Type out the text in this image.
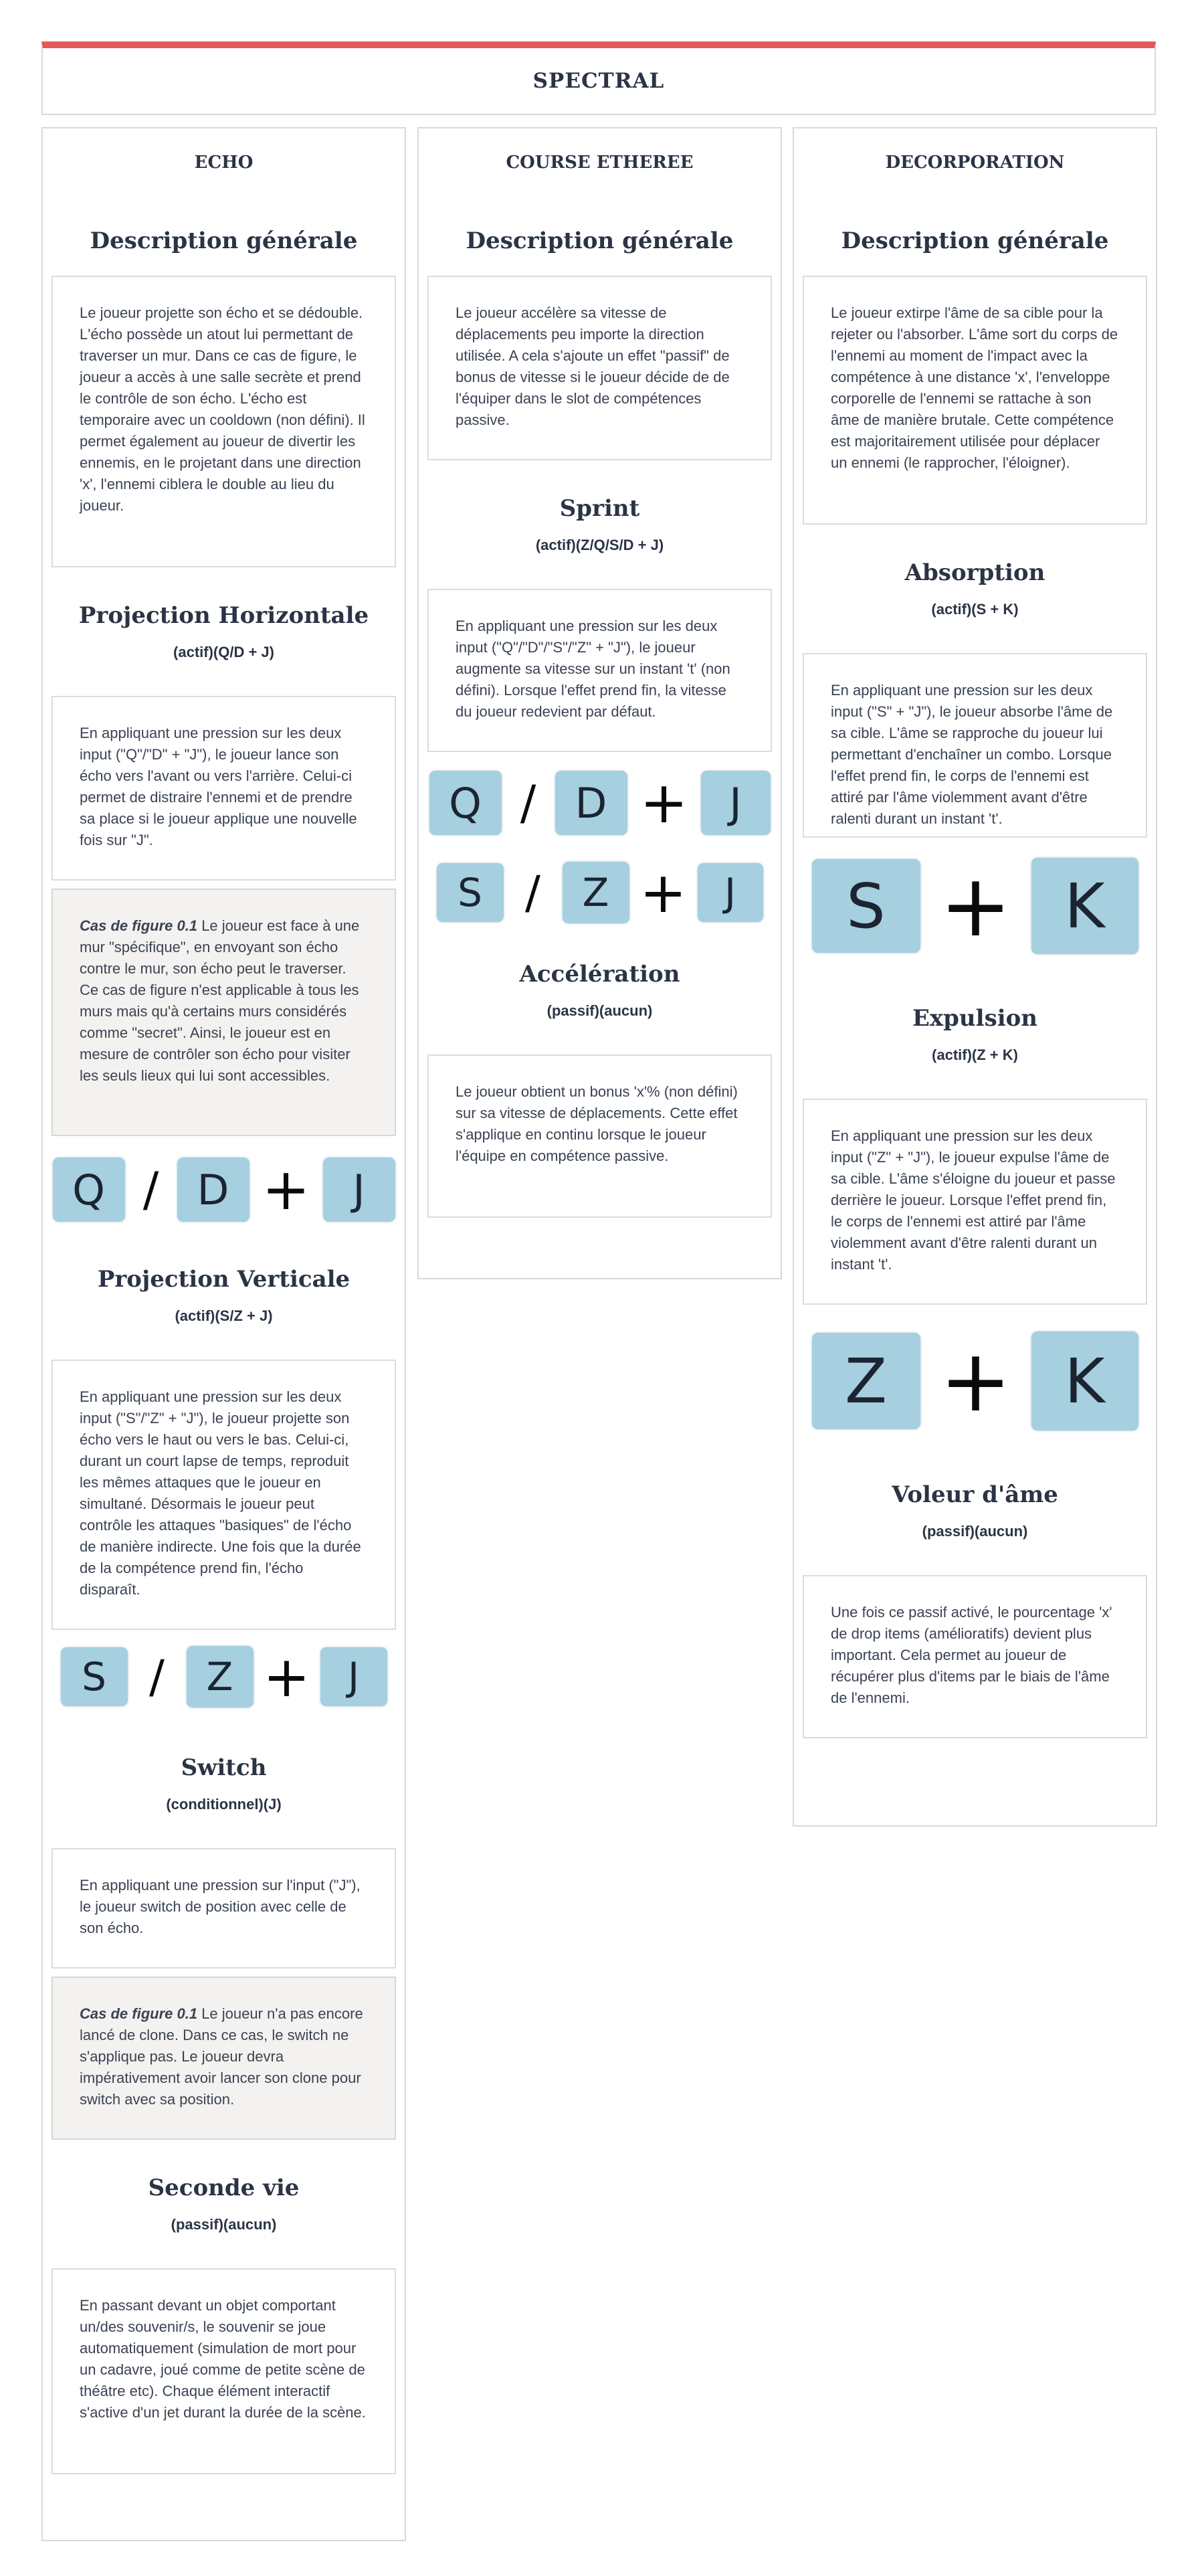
SPECTRAL
ECHO
Description générale
Le joueur projette son écho et se dédouble. L'écho possède un atout lui permettant de traverser un mur. Dans ce cas de figure, le joueur a accès à une salle secrète et prend le contrôle de son écho. L'écho est temporaire avec un cooldown (non défini). Il permet également au joueur de divertir les ennemis, en le projetant dans une direction 'x', l'ennemi ciblera le double au lieu du joueur.
Projection Horizontale
(actif)(Q/D + J)
En appliquant une pression sur les deux input ("Q"/"D" + "J"), le joueur lance son écho vers l'avant ou vers l'arrière. Celui-ci permet de distraire l'ennemi et de prendre sa place si le joueur applique une nouvelle fois sur "J".
Cas de figure 0.1 Le joueur est face à une mur "spécifique", en envoyant son écho contre le mur, son écho peut le traverser. Ce cas de figure n'est applicable à tous les murs mais qu'à certains murs considérés comme "secret". Ainsi, le joueur est en mesure de contrôler son écho pour visiter les seuls lieux qui lui sont accessibles.
Q / D +	J
Projection Verticale
(actif)(S/Z + J)
En appliquant une pression sur les deux input ("S"/"Z" + "J"), le joueur projette son écho vers le haut ou vers le bas. Celui-ci, durant un court lapse de temps, reproduit les mêmes attaques que le joueur en simultané. Désormais le joueur peut contrôle les attaques "basiques" de l'écho de manière indirecte. Une fois que la durée de la compétence prend fin, l'écho disparaît.
S /	Z + J
Switch
(conditionnel)(J)
En appliquant une pression sur l'input ("J"), le joueur switch de position avec celle de son écho.
Cas de figure 0.1 Le joueur n'a pas encore lancé de clone. Dans ce cas, le switch ne s'applique pas. Le joueur devra impérativement avoir lancer son clone pour switch avec sa position.
Seconde vie
(passif)(aucun)
En passant devant un objet comportant un/des souvenir/s, le souvenir se joue automatiquement (simulation de mort pour un cadavre, joué comme de petite scène de théâtre etc). Chaque élément interactif s'active d'un jet durant la durée de la scène.
COURSE ETHEREE
Description générale
Le joueur accélère sa vitesse de déplacements peu importe la direction utilisée. A cela s'ajoute un effet "passif" de bonus de vitesse si le joueur décide de de l'équiper dans le slot de compétences passive.
Sprint
(actif)(Z/Q/S/D + J)
En appliquant une pression sur les deux input ("Q"/"D"/"S"/"Z" + "J"), le joueur augmente sa vitesse sur un instant 't' (non défini). Lorsque l'effet prend fin, la vitesse du joueur redevient par défaut.
Q / D + J
S /	Z + J
Accélération
(passif)(aucun)
Le joueur obtient un bonus 'x'% (non défini) sur sa vitesse de déplacements. Cette effet s'applique en continu lorsque le joueur l'équipe en compétence passive.
DECORPORATION
Description générale
Le joueur extirpe l'âme de sa cible pour la rejeter ou l'absorber. L'âme sort du corps de l'ennemi au moment de l'impact avec la compétence à une distance 'x', l'enveloppe corporelle de l'ennemi se rattache à son âme de manière brutale. Cette compétence est majoritairement utilisée pour déplacer un ennemi (le rapprocher, l'éloigner).
Absorption
(actif)(S + K)
En appliquant une pression sur les deux input ("S" + "J"), le joueur absorbe l'âme de sa cible. L'âme se rapproche du joueur lui permettant d'enchaîner un combo. Lorsque l'effet prend fin, le corps de l'ennemi est attiré par l'âme violemment avant d'être ralenti durant un instant 't'.
S + K
Expulsion
(actif)(Z + K)
En appliquant une pression sur les deux input ("Z" + "J"), le joueur expulse l'âme de sa cible. L'âme s'éloigne du joueur et passe derrière le joueur. Lorsque l'effet prend fin, le corps de l'ennemi est attiré par l'âme violemment avant d'être ralenti durant un instant 't'.
Z + K
Voleur d'âme
(passif)(aucun)
Une fois ce passif activé, le pourcentage 'x' de drop items (amélioratifs) devient plus important. Cela permet au joueur de récupérer plus d'items par le biais de l'âme de l'ennemi.
